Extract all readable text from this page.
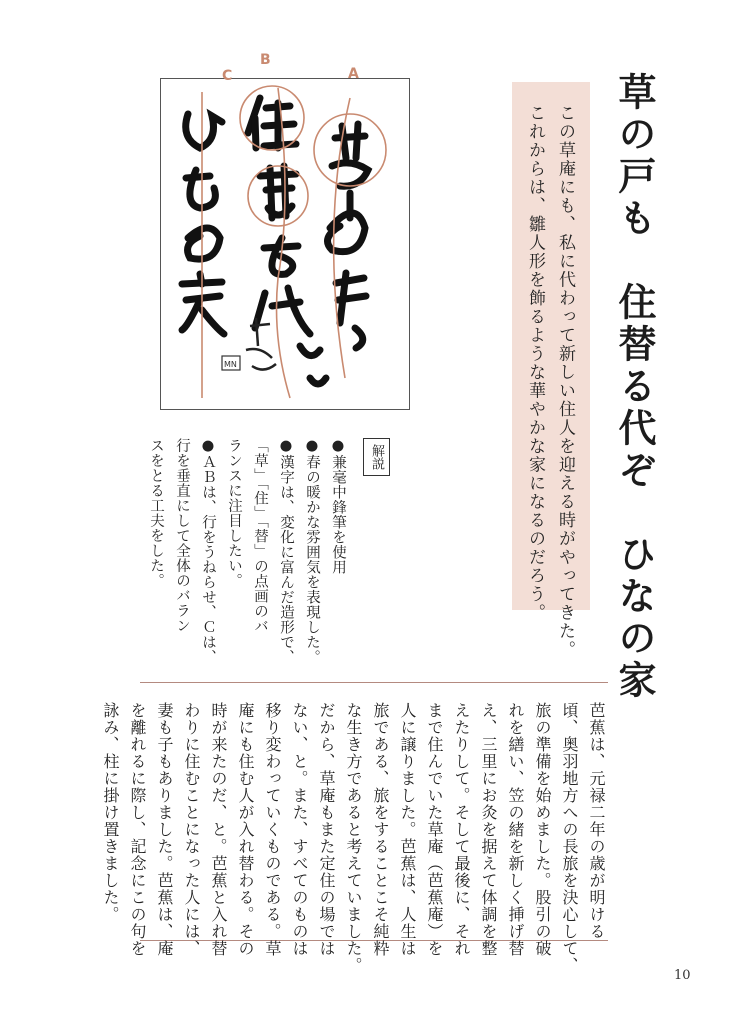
草の戸も　住替る代ぞ　ひなの家
この草庵にも、私に代わって新しい住人を迎える時がやってきた。
これからは、雛人形を飾るような華やかな家になるのだろう。
MN
A
B
C
解説
●兼毫中鋒筆を使用
●春の暖かな雰囲気を表現した。
●漢字は、変化に富んだ造形で、
「草」「住」「替」の点画のバ
ランスに注目したい。
●ＡＢは、行をうねらせ、Ｃは、
行を垂直にして全体のバラン
スをとる工夫をした。
芭蕉は、元禄二年の歳が明ける
頃、奥羽地方への長旅を決心して、
旅の準備を始めました。股引の破
れを繕い、笠の緒を新しく挿げ替
え、三里にお灸を据えて体調を整
えたりして。そして最後に、それ
まで住んでいた草庵（芭蕉庵）を
人に譲りました。芭蕉は、人生は
旅である、旅をすることこそ純粋
な生き方であると考えていました。
だから、草庵もまた定住の場では
ない、と。また、すべてのものは
移り変わっていくものである。草
庵にも住む人が入れ替わる。その
時が来たのだ、と。芭蕉と入れ替
わりに住むことになった人には、
妻も子もありました。芭蕉は、庵
を離れるに際し、記念にこの句を
詠み、柱に掛け置きました。
10
